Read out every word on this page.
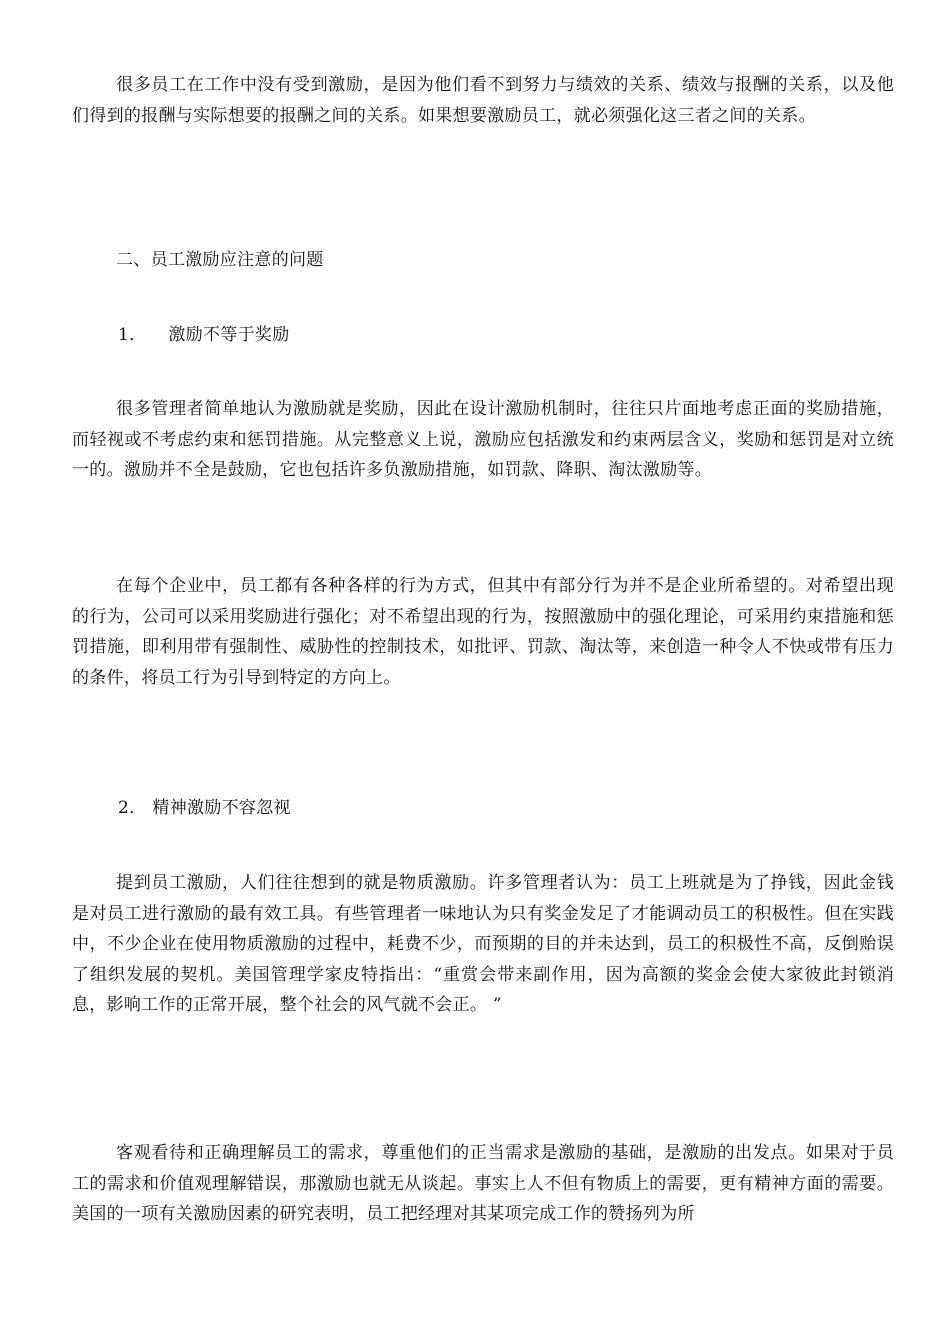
很多员工在工作中没有受到激励，是因为他们看不到努力与绩效的关系、绩效与报酬的关系，以及他们得到的报酬与实际想要的报酬之间的关系。如果想要激励员工，就必须强化这三者之间的关系。

二、员工激励应注意的问题

1． 激励不等于奖励

很多管理者简单地认为激励就是奖励，因此在设计激励机制时，往往只片面地考虑正面的奖励措施，而轻视或不考虑约束和惩罚措施。从完整意义上说，激励应包括激发和约束两层含义，奖励和惩罚是对立统一的。激励并不全是鼓励，它也包括许多负激励措施，如罚款、降职、淘汰激励等。

在每个企业中，员工都有各种各样的行为方式，但其中有部分行为并不是企业所希望的。对希望出现的行为，公司可以采用奖励进行强化；对不希望出现的行为，按照激励中的强化理论，可采用约束措施和惩罚措施，即利用带有强制性、威胁性的控制技术，如批评、罚款、淘汰等，来创造一种令人不快或带有压力的条件，将员工行为引导到特定的方向上。

2． 精神激励不容忽视

提到员工激励，人们往往想到的就是物质激励。许多管理者认为：员工上班就是为了挣钱，因此金钱是对员工进行激励的最有效工具。有些管理者一味地认为只有奖金发足了才能调动员工的积极性。但在实践中，不少企业在使用物质激励的过程中，耗费不少，而预期的目的并未达到，员工的积极性不高，反倒贻误了组织发展的契机。美国管理学家皮特指出：“重赏会带来副作用，因为高额的奖金会使大家彼此封锁消息，影响工作的正常开展，整个社会的风气就不会正。 ”

客观看待和正确理解员工的需求，尊重他们的正当需求是激励的基础，是激励的出发点。如果对于员工的需求和价值观理解错误，那激励也就无从谈起。事实上人不但有物质上的需要，更有精神方面的需要。美国的一项有关激励因素的研究表明，员工把经理对其某项完成工作的赞扬列为所
